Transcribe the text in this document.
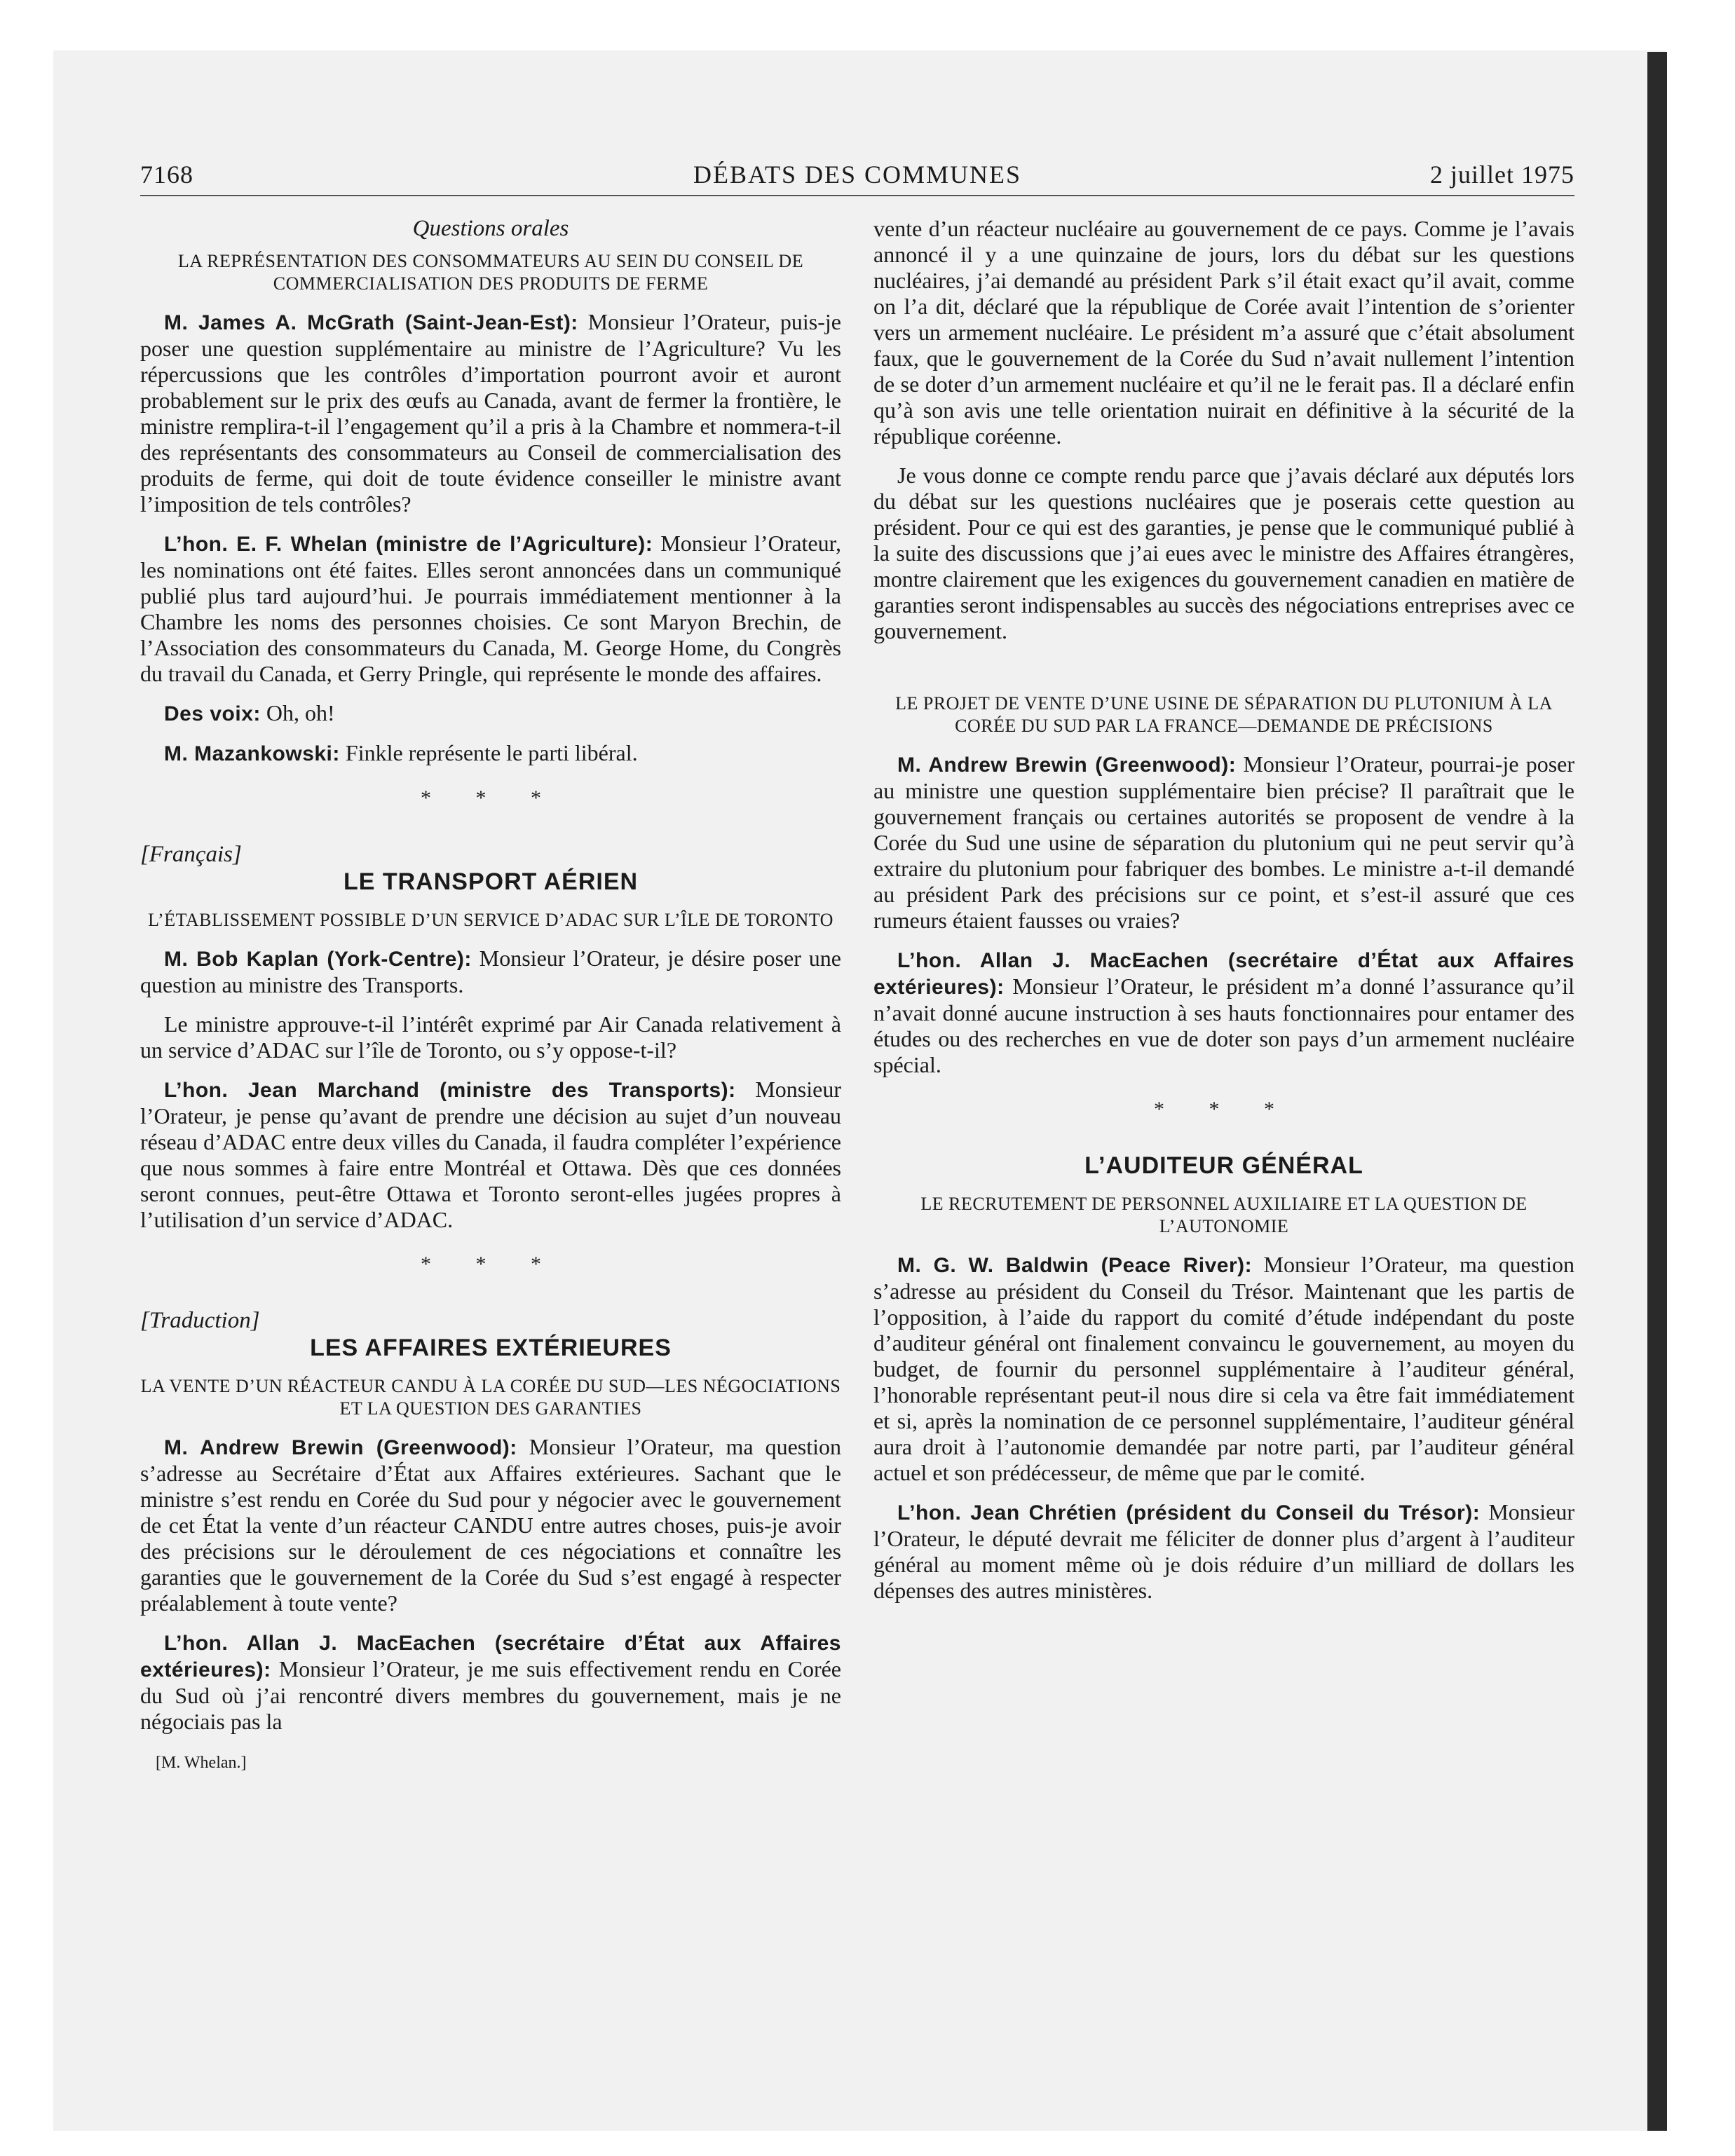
DÉBATS DES COMMUNES
7168	2 juillet 1975
Questions orales
LA REPRÉSENTATION DES CONSOMMATEURS AU SEIN DU CONSEIL DE COMMERCIALISATION DES PRODUITS DE FERME

M. James A. McGrath (Saint-Jean-Est): Monsieur l’Orateur, puis-je poser une question supplémentaire au ministre de l’Agriculture? Vu les répercussions que les contrôles d’importation pourront avoir et auront probablement sur le prix des œufs au Canada, avant de fermer la frontière, le ministre remplira-t-il l’engagement qu’il a pris à la Chambre et nommera-t-il des représentants des consommateurs au Conseil de commercialisation des produits de ferme, qui doit de toute évidence conseiller le ministre avant l’imposition de tels contrôles?

L’hon. E. F. Whelan (ministre de l’Agriculture): Monsieur l’Orateur, les nominations ont été faites. Elles seront annoncées dans un communiqué publié plus tard aujourd’hui. Je pourrais immédiatement mentionner à la Chambre les noms des personnes choisies. Ce sont Maryon Brechin, de l’Association des consommateurs du Canada, M. George Home, du Congrès du travail du Canada, et Gerry Pringle, qui représente le monde des affaires.

Des voix: Oh, oh!

M. Mazankowski: Finkle représente le parti libéral.

* * *
[Français]
LE TRANSPORT AÉRIEN
L’ÉTABLISSEMENT POSSIBLE D’UN SERVICE D’ADAC SUR L’ÎLE DE TORONTO

M. Bob Kaplan (York-Centre): Monsieur l’Orateur, je désire poser une question au ministre des Transports.

Le ministre approuve-t-il l’intérêt exprimé par Air Canada relativement à un service d’ADAC sur l’île de Toronto, ou s’y oppose-t-il?

L’hon. Jean Marchand (ministre des Transports): Monsieur l’Orateur, je pense qu’avant de prendre une décision au sujet d’un nouveau réseau d’ADAC entre deux villes du Canada, il faudra compléter l’expérience que nous sommes à faire entre Montréal et Ottawa. Dès que ces données seront connues, peut-être Ottawa et Toronto seront-elles jugées propres à l’utilisation d’un service d’ADAC.

* * *
[Traduction]
LES AFFAIRES EXTÉRIEURES
LA VENTE D’UN RÉACTEUR CANDU À LA CORÉE DU SUD—LES NÉGOCIATIONS ET LA QUESTION DES GARANTIES

M. Andrew Brewin (Greenwood): Monsieur l’Orateur, ma question s’adresse au Secrétaire d’État aux Affaires extérieures. Sachant que le ministre s’est rendu en Corée du Sud pour y négocier avec le gouvernement de cet État la vente d’un réacteur CANDU entre autres choses, puis-je avoir des précisions sur le déroulement de ces négociations et connaître les garanties que le gouvernement de la Corée du Sud s’est engagé à respecter préalablement à toute vente?

L’hon. Allan J. MacEachen (secrétaire d’État aux Affaires extérieures): Monsieur l’Orateur, je me suis effectivement rendu en Corée du Sud où j’ai rencontré divers membres du gouvernement, mais je ne négociais pas la

[M. Whelan.]

vente d’un réacteur nucléaire au gouvernement de ce pays. Comme je l’avais annoncé il y a une quinzaine de jours, lors du débat sur les questions nucléaires, j’ai demandé au président Park s’il était exact qu’il avait, comme on l’a dit, déclaré que la république de Corée avait l’intention de s’orienter vers un armement nucléaire. Le président m’a assuré que c’était absolument faux, que le gouvernement de la Corée du Sud n’avait nullement l’intention de se doter d’un armement nucléaire et qu’il ne le ferait pas. Il a déclaré enfin qu’à son avis une telle orientation nuirait en définitive à la sécurité de la république coréenne.

Je vous donne ce compte rendu parce que j’avais déclaré aux députés lors du débat sur les questions nucléaires que je poserais cette question au président. Pour ce qui est des garanties, je pense que le communiqué publié à la suite des discussions que j’ai eues avec le ministre des Affaires étrangères, montre clairement que les exigences du gouvernement canadien en matière de garanties seront indispensables au succès des négociations entreprises avec ce gouvernement.

LE PROJET DE VENTE D’UNE USINE DE SÉPARATION DU PLUTONIUM À LA CORÉE DU SUD PAR LA FRANCE—DEMANDE DE PRÉCISIONS

M. Andrew Brewin (Greenwood): Monsieur l’Orateur, pourrai-je poser au ministre une question supplémentaire bien précise? Il paraîtrait que le gouvernement français ou certaines autorités se proposent de vendre à la Corée du Sud une usine de séparation du plutonium qui ne peut servir qu’à extraire du plutonium pour fabriquer des bombes. Le ministre a-t-il demandé au président Park des précisions sur ce point, et s’est-il assuré que ces rumeurs étaient fausses ou vraies?

L’hon. Allan J. MacEachen (secrétaire d’État aux Affaires extérieures): Monsieur l’Orateur, le président m’a donné l’assurance qu’il n’avait donné aucune instruction à ses hauts fonctionnaires pour entamer des études ou des recherches en vue de doter son pays d’un armement nucléaire spécial.

* * *
L’AUDITEUR GÉNÉRAL
LE RECRUTEMENT DE PERSONNEL AUXILIAIRE ET LA QUESTION DE L’AUTONOMIE

M. G. W. Baldwin (Peace River): Monsieur l’Orateur, ma question s’adresse au président du Conseil du Trésor. Maintenant que les partis de l’opposition, à l’aide du rapport du comité d’étude indépendant du poste d’auditeur général ont finalement convaincu le gouvernement, au moyen du budget, de fournir du personnel supplémentaire à l’auditeur général, l’honorable représentant peut-il nous dire si cela va être fait immédiatement et si, après la nomination de ce personnel supplémentaire, l’auditeur général aura droit à l’autonomie demandée par notre parti, par l’auditeur général actuel et son prédécesseur, de même que par le comité.

L’hon. Jean Chrétien (président du Conseil du Trésor): Monsieur l’Orateur, le député devrait me féliciter de donner plus d’argent à l’auditeur général au moment même où je dois réduire d’un milliard de dollars les dépenses des autres ministères.
